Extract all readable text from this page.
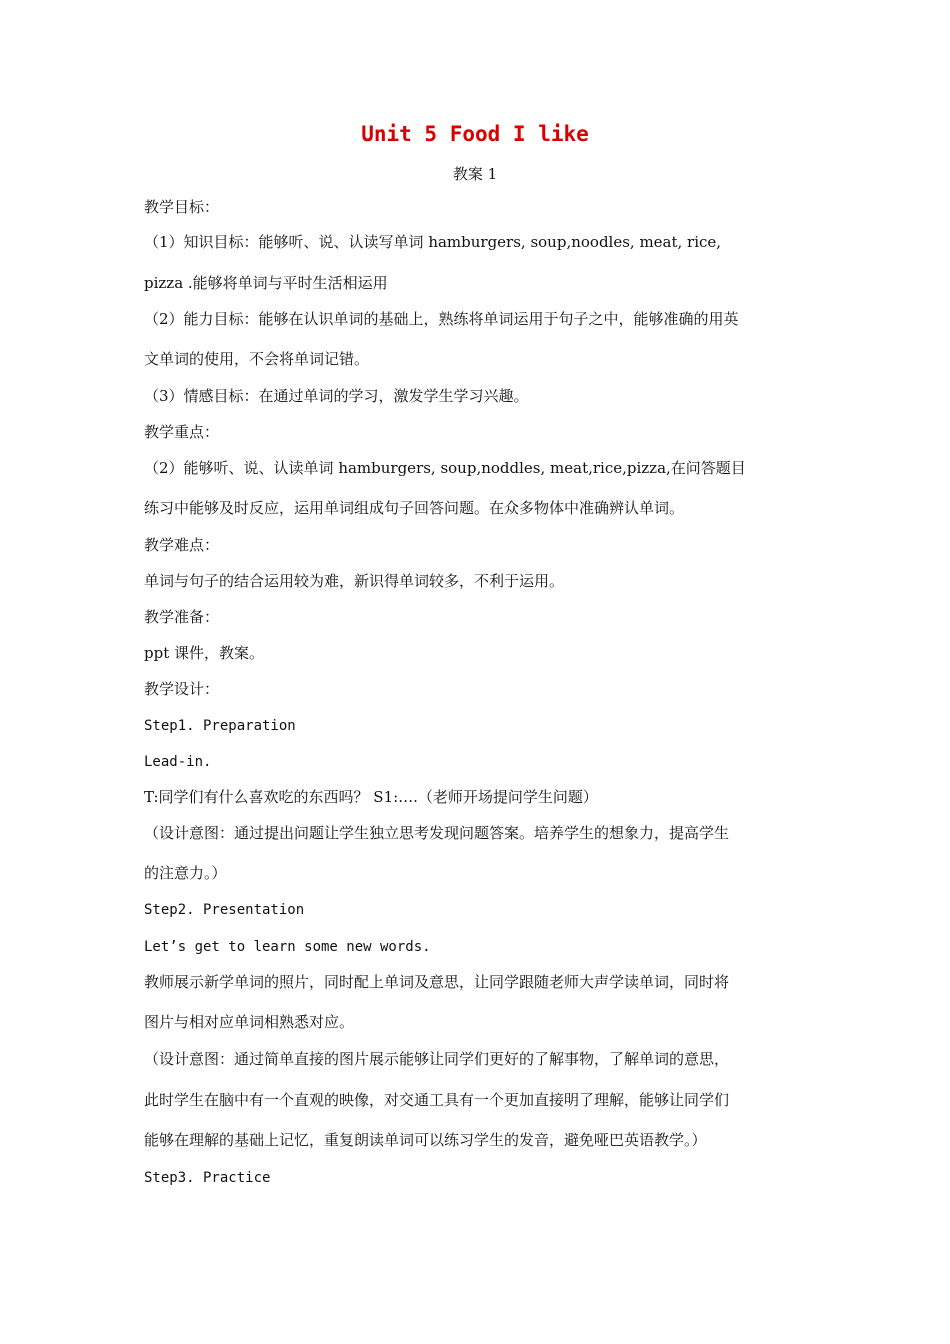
Unit 5 Food I like
教案 1
教学目标：
（1）知识目标：能够听、说、认读写单词 hamburgers, soup,noodles, meat, rice,
pizza .能够将单词与平时生活相运用
（2）能力目标：能够在认识单词的基础上，熟练将单词运用于句子之中，能够准确的用英
文单词的使用，不会将单词记错。
（3）情感目标：在通过单词的学习，激发学生学习兴趣。
教学重点：
（2）能够听、说、认读单词 hamburgers, soup,noddles, meat,rice,pizza,在问答题目
练习中能够及时反应，运用单词组成句子回答问题。在众多物体中准确辨认单词。
教学难点：
单词与句子的结合运用较为难，新识得单词较多，不利于运用。
教学准备：
ppt 课件，教案。
教学设计：
Step1. Preparation
Lead-in.
T:同学们有什么喜欢吃的东西吗？ S1:….（老师开场提问学生问题）
（设计意图：通过提出问题让学生独立思考发现问题答案。培养学生的想象力，提高学生
的注意力。）
Step2. Presentation
Let’s get to learn some new words.
教师展示新学单词的照片，同时配上单词及意思，让同学跟随老师大声学读单词，同时将
图片与相对应单词相熟悉对应。
（设计意图：通过简单直接的图片展示能够让同学们更好的了解事物，了解单词的意思，
此时学生在脑中有一个直观的映像，对交通工具有一个更加直接明了理解，能够让同学们
能够在理解的基础上记忆，重复朗读单词可以练习学生的发音，避免哑巴英语教学。）
Step3. Practice
